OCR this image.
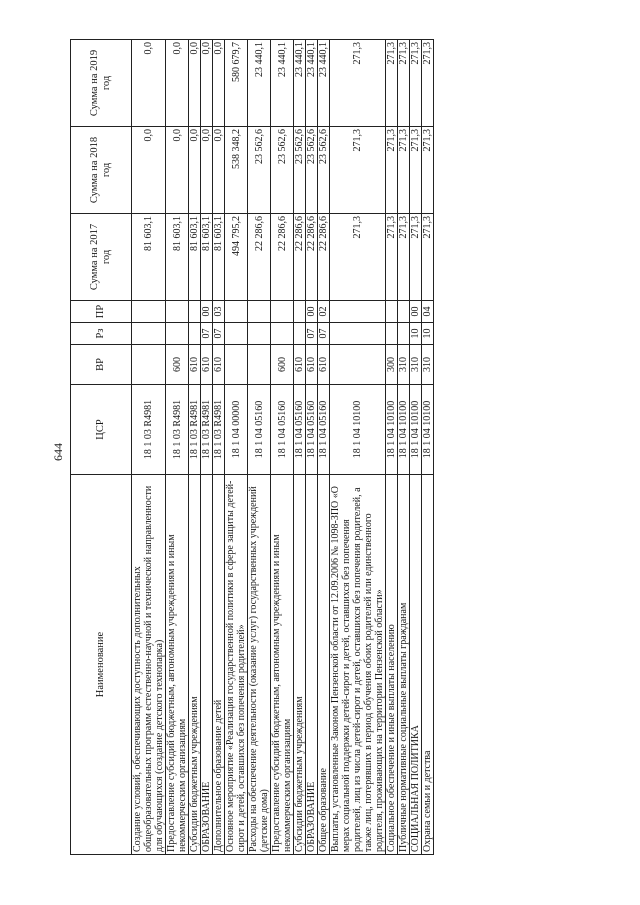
644
Наименование	ЦСР	ВР	Рз	ПР	Сумма на 2017 год	Сумма на 2018 год	Сумма на 2019 год
Создание условий, обеспечивающих доступность дополнительных общеобразовательных программ естественно-научной и технической направленности для обучающихся (создание детского технопарка)	18 1 03 R4981				81 603,1	0,0	0,0
Предоставление субсидий бюджетным, автономным учреждениям и иным некоммерческим организациям	18 1 03 R4981	600			81 603,1	0,0	0,0
Субсидии бюджетным учреждениям	18 1 03 R4981	610			81 603,1	0,0	0,0
ОБРАЗОВАНИЕ	18 1 03 R4981	610	07	00	81 603,1	0,0	0,0
Дополнительное образование детей	18 1 03 R4981	610	07	03	81 603,1	0,0	0,0
Основное мероприятие «Реализация государственной политики в сфере защиты детей-сирот и детей, оставшихся без попечения родителей»	18 1 04 00000				494 795,2	538 348,2	580 679,7
Расходы на обеспечение деятельности (оказание услуг) государственных учреждений (детские дома)	18 1 04 05160				22 286,6	23 562,6	23 440,1
Предоставление субсидий бюджетным, автономным учреждениям и иным некоммерческим организациям	18 1 04 05160	600			22 286,6	23 562,6	23 440,1
Субсидии бюджетным учреждениям	18 1 04 05160	610			22 286,6	23 562,6	23 440,1
ОБРАЗОВАНИЕ	18 1 04 05160	610	07	00	22 286,6	23 562,6	23 440,1
Общее образование	18 1 04 05160	610	07	02	22 286,6	23 562,6	23 440,1
Выплаты, установленные Законом Пензенской области от 12.09.2006 № 1098-ЗПО «О мерах социальной поддержки детей-сирот и детей, оставшихся без попечения родителей, лиц из числа детей-сирот и детей, оставшихся без попечения родителей, а также лиц, потерявших в период обучения обоих родителей или единственного родителя, проживающих на территории Пензенской области»	18 1 04 10100				271,3	271,3	271,3
Социальное обеспечение и иные выплаты населению	18 1 04 10100	300			271,3	271,3	271,3
Публичные нормативные социальные выплаты гражданам	18 1 04 10100	310			271,3	271,3	271,3
СОЦИАЛЬНАЯ ПОЛИТИКА	18 1 04 10100	310	10	00	271,3	271,3	271,3
Охрана семьи и детства	18 1 04 10100	310	10	04	271,3	271,3	271,3
